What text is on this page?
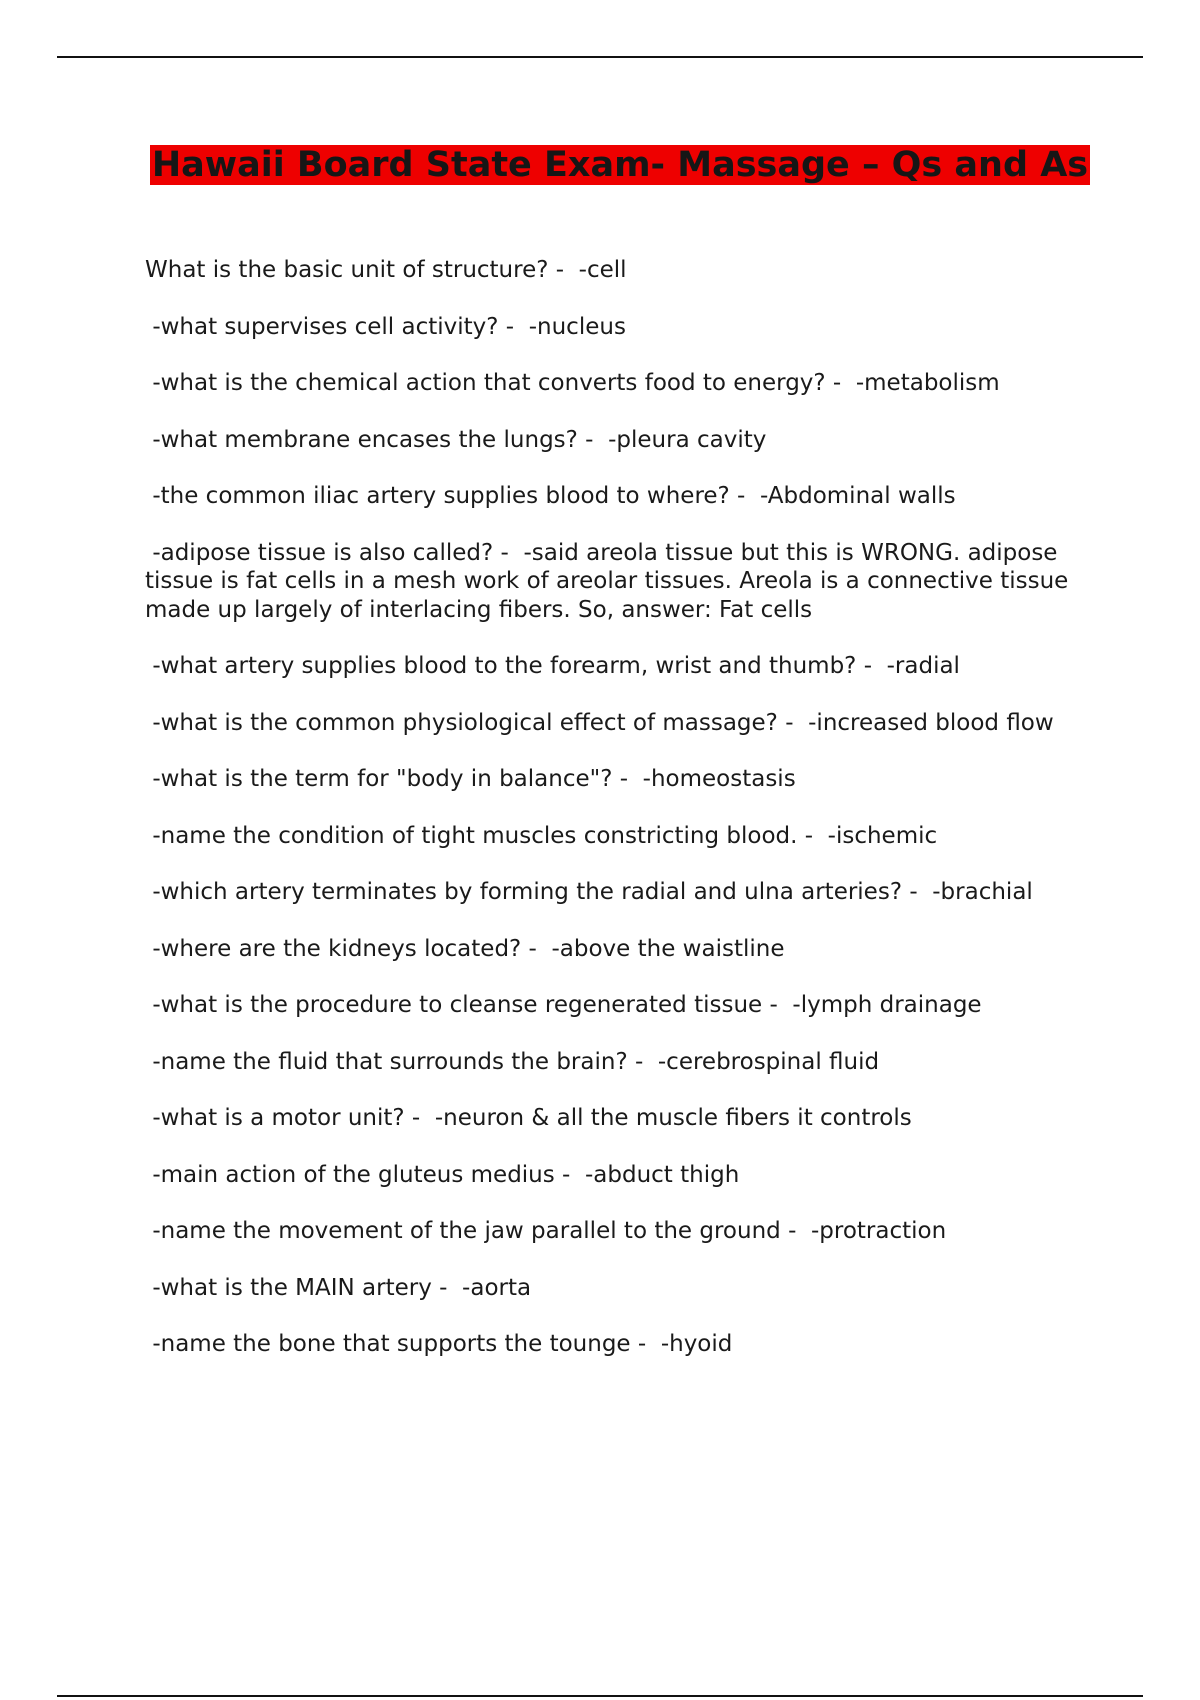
Hawaii Board State Exam- Massage – Qs and As
What is the basic unit of structure? -  -cell
-what supervises cell activity? -  -nucleus
-what is the chemical action that converts food to energy? -  -metabolism
-what membrane encases the lungs? -  -pleura cavity
-the common iliac artery supplies blood to where? -  -Abdominal walls
-adipose tissue is also called? -  -said areola tissue but this is WRONG. adipose tissue is fat cells in a mesh work of areolar tissues. Areola is a connective tissue made up largely of interlacing fibers. So, answer: Fat cells
-what artery supplies blood to the forearm, wrist and thumb? -  -radial
-what is the common physiological effect of massage? -  -increased blood flow
-what is the term for "body in balance"? -  -homeostasis
-name the condition of tight muscles constricting blood. -  -ischemic
-which artery terminates by forming the radial and ulna arteries? -  -brachial
-where are the kidneys located? -  -above the waistline
-what is the procedure to cleanse regenerated tissue -  -lymph drainage
-name the fluid that surrounds the brain? -  -cerebrospinal fluid
-what is a motor unit? -  -neuron & all the muscle fibers it controls
-main action of the gluteus medius -  -abduct thigh
-name the movement of the jaw parallel to the ground -  -protraction
-what is the MAIN artery -  -aorta
-name the bone that supports the tounge -  -hyoid
